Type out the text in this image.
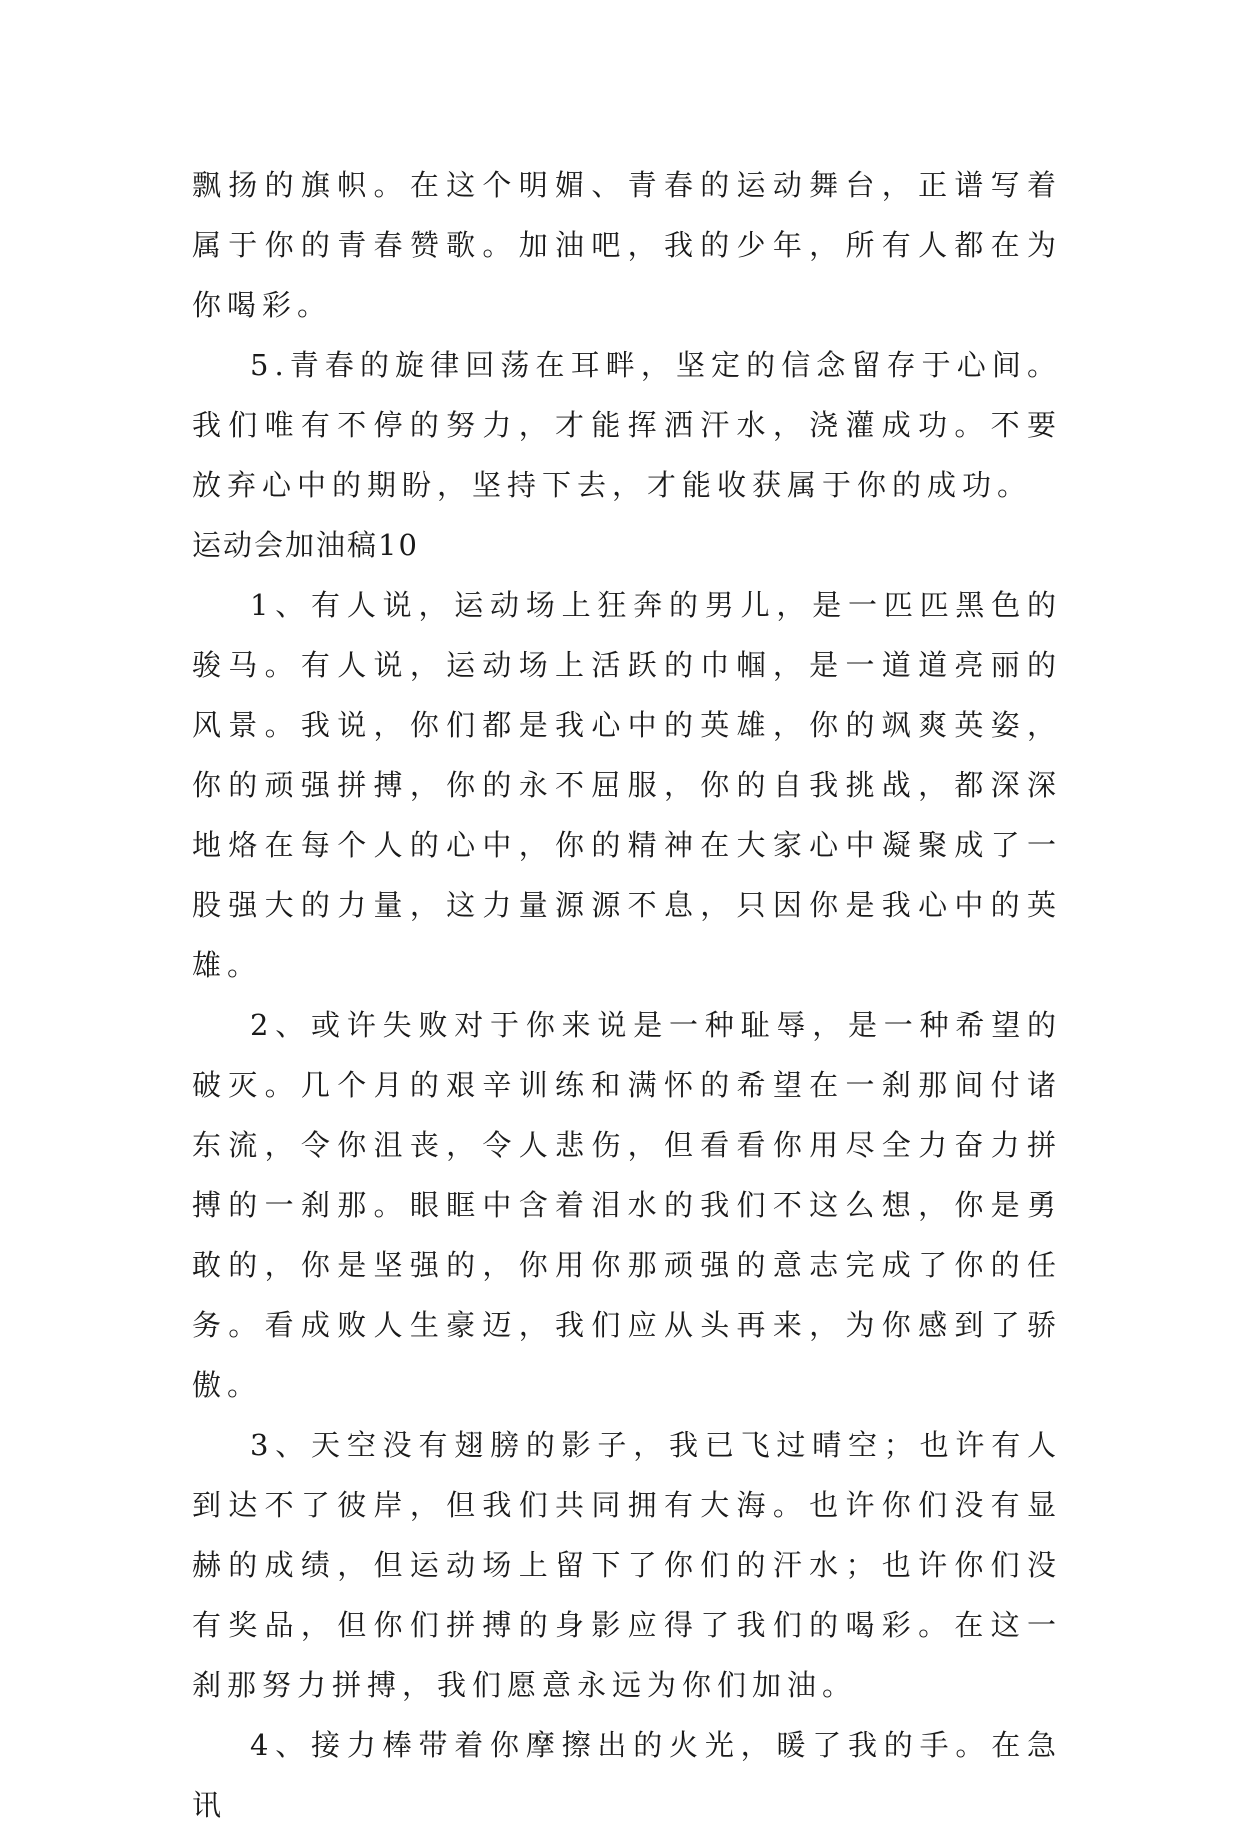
飘扬的旗帜。在这个明媚、青春的运动舞台，正谱写着属于你的青春赞歌。加油吧，我的少年，所有人都在为你喝彩。

5.青春的旋律回荡在耳畔，坚定的信念留存于心间。我们唯有不停的努力，才能挥洒汗水，浇灌成功。不要放弃心中的期盼，坚持下去，才能收获属于你的成功。

运动会加油稿10

1、有人说，运动场上狂奔的男儿，是一匹匹黑色的骏马。有人说，运动场上活跃的巾帼，是一道道亮丽的风景。我说，你们都是我心中的英雄，你的飒爽英姿，你的顽强拼搏，你的永不屈服，你的自我挑战，都深深地烙在每个人的心中，你的精神在大家心中凝聚成了一股强大的力量，这力量源源不息，只因你是我心中的英雄。

2、或许失败对于你来说是一种耻辱，是一种希望的破灭。几个月的艰辛训练和满怀的希望在一刹那间付诸东流，令你沮丧，令人悲伤，但看看你用尽全力奋力拼搏的一刹那。眼眶中含着泪水的我们不这么想，你是勇敢的，你是坚强的，你用你那顽强的意志完成了你的任务。看成败人生豪迈，我们应从头再来，为你感到了骄傲。

3、天空没有翅膀的影子，我已飞过晴空；也许有人到达不了彼岸，但我们共同拥有大海。也许你们没有显赫的成绩，但运动场上留下了你们的汗水；也许你们没有奖品，但你们拼搏的身影应得了我们的喝彩。在这一刹那努力拼搏，我们愿意永远为你们加油。

4、接力棒带着你摩擦出的火光，暖了我的手。在急讯
